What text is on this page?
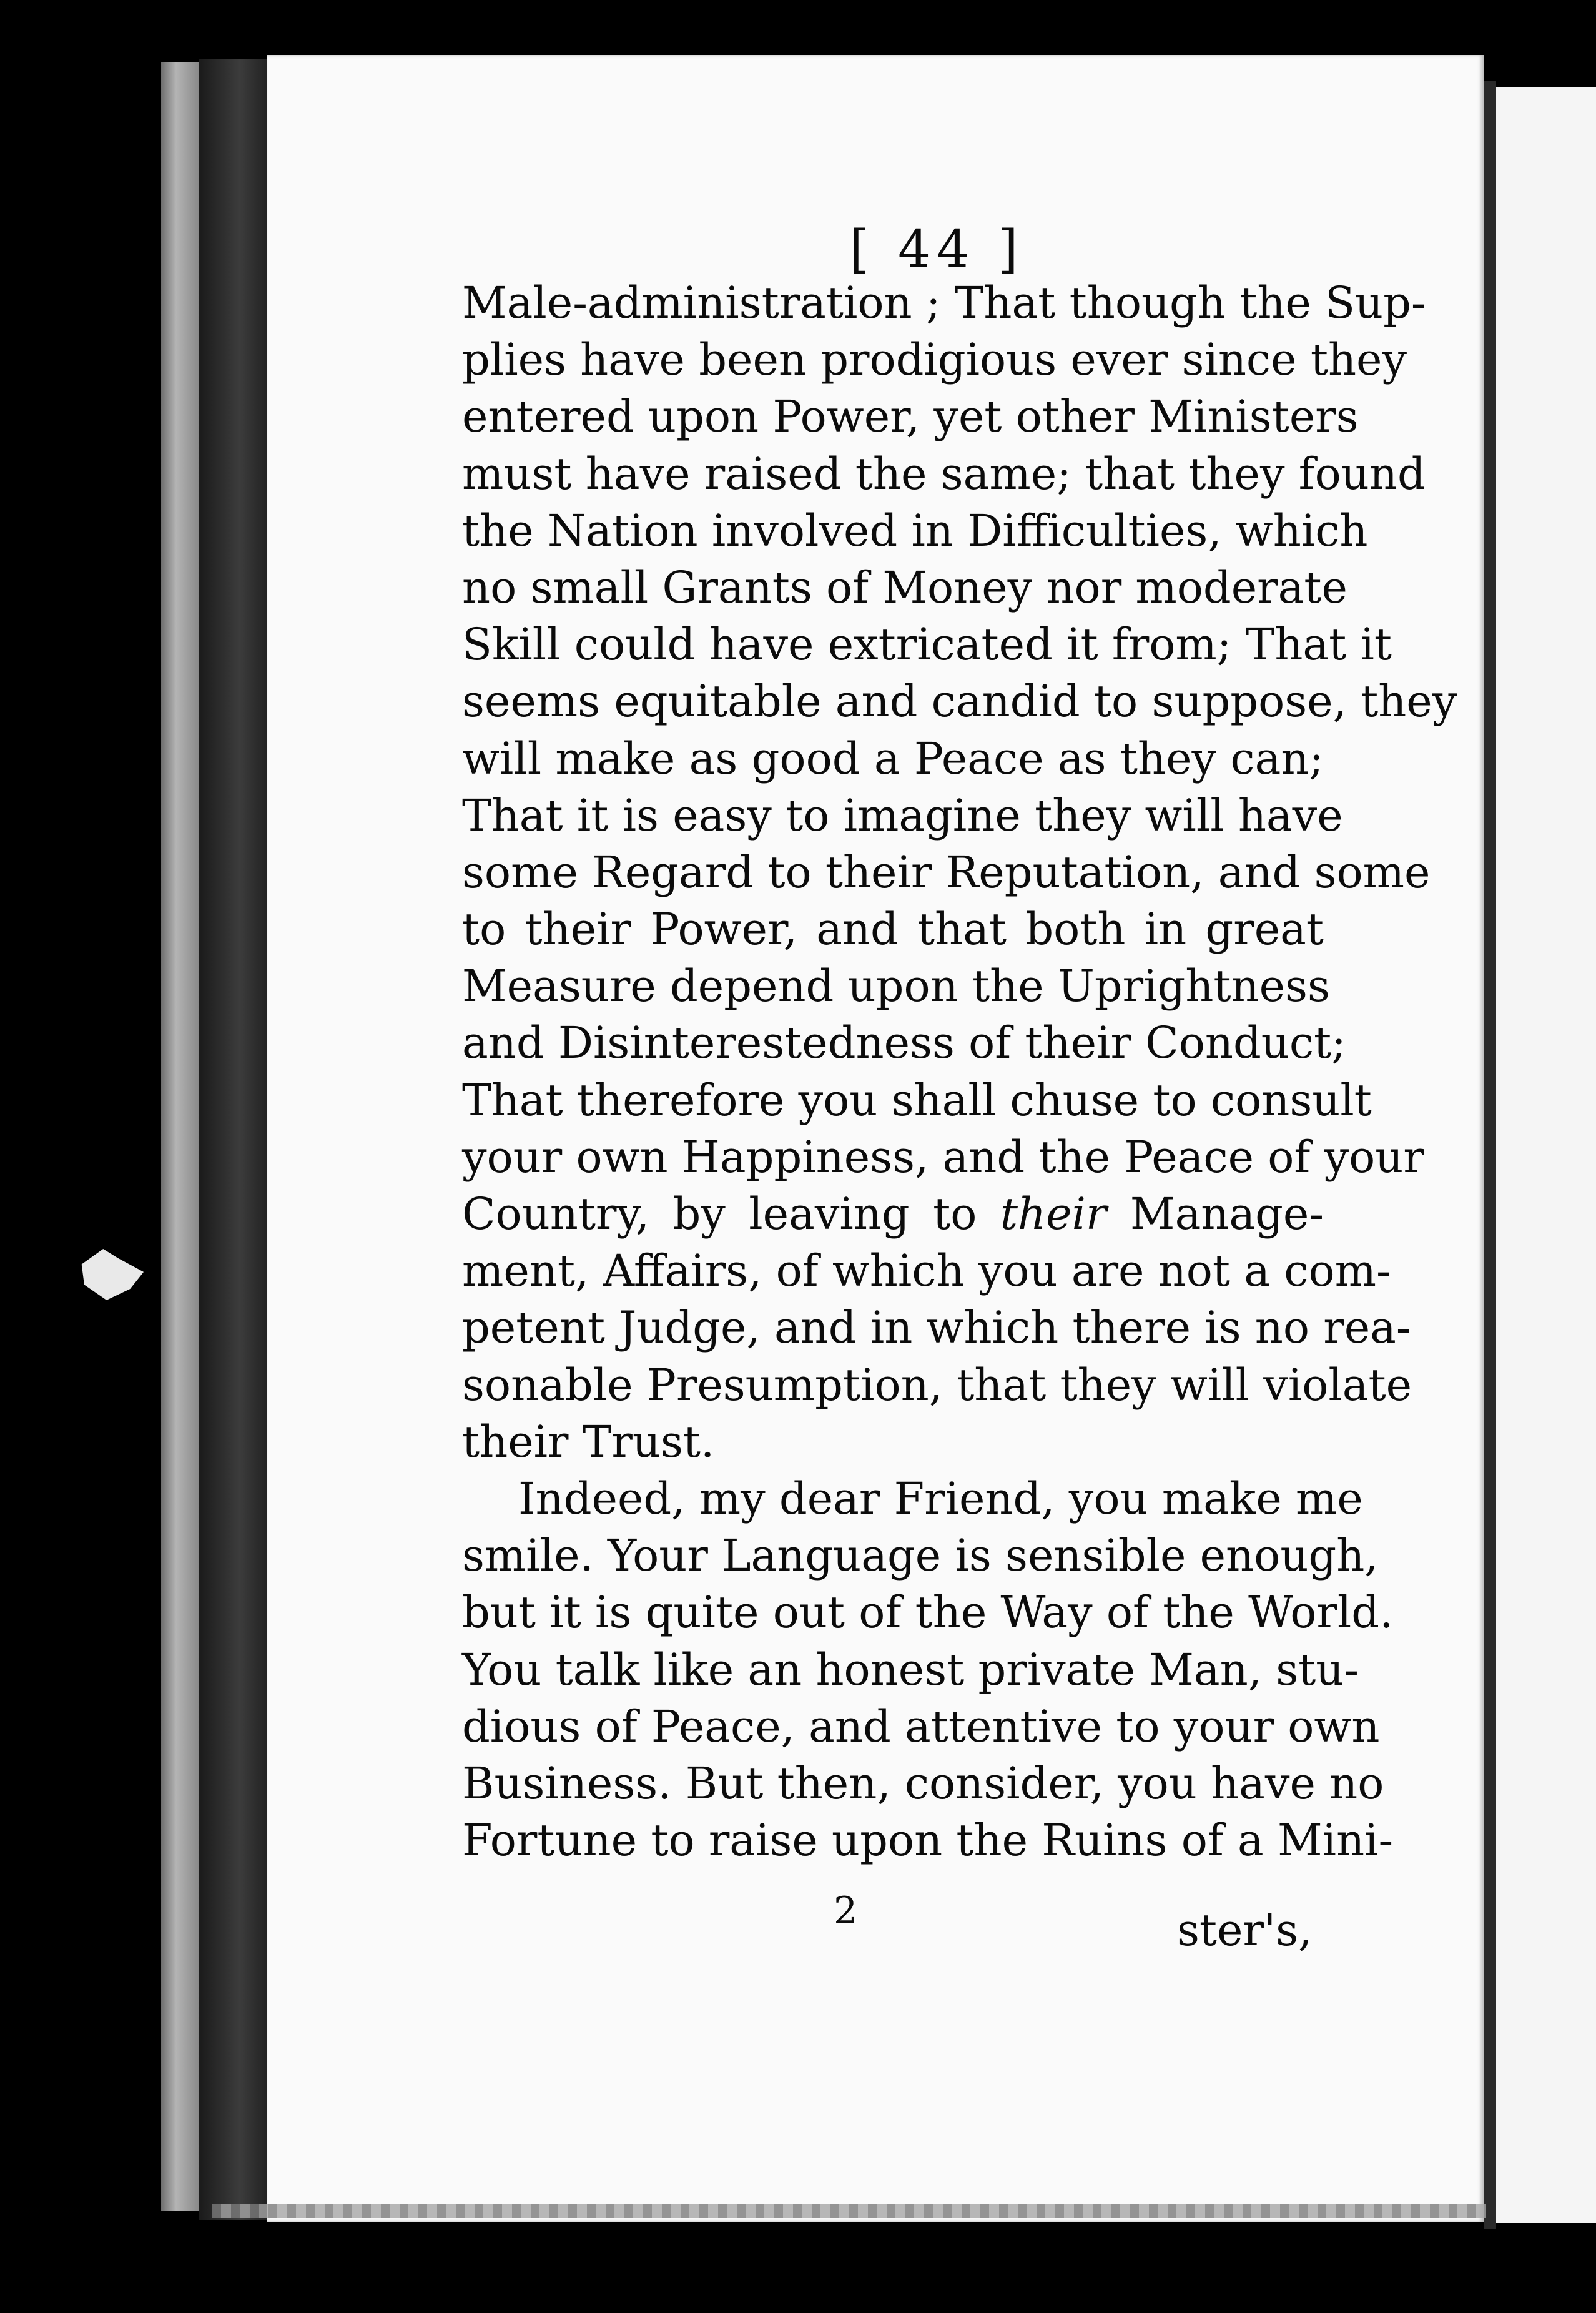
[ 44 ]
Male-administration ; That though the Sup-
plies have been prodigious ever since they
entered upon Power, yet other Ministers
must have raised the same; that they found
the Nation involved in Difficulties, which
no small Grants of Money nor moderate
Skill could have extricated it from; That it
seems equitable and candid to suppose, they
will make as good a Peace as they can;
That it is easy to imagine they will have
some Regard to their Reputation, and some
to their Power, and that both in great
Measure depend upon the Uprightness
and Disinterestedness of their Conduct;
That therefore you shall chuse to consult
your own Happiness, and the Peace of your
Country, by leaving to their Manage-
ment, Affairs, of which you are not a com-
petent Judge, and in which there is no rea-
sonable Presumption, that they will violate
their Trust.
Indeed, my dear Friend, you make me
smile. Your Language is sensible enough,
but it is quite out of the Way of the World.
You talk like an honest private Man, stu-
dious of Peace, and attentive to your own
Business. But then, consider, you have no
Fortune to raise upon the Ruins of a Mini-
2	ster's,
